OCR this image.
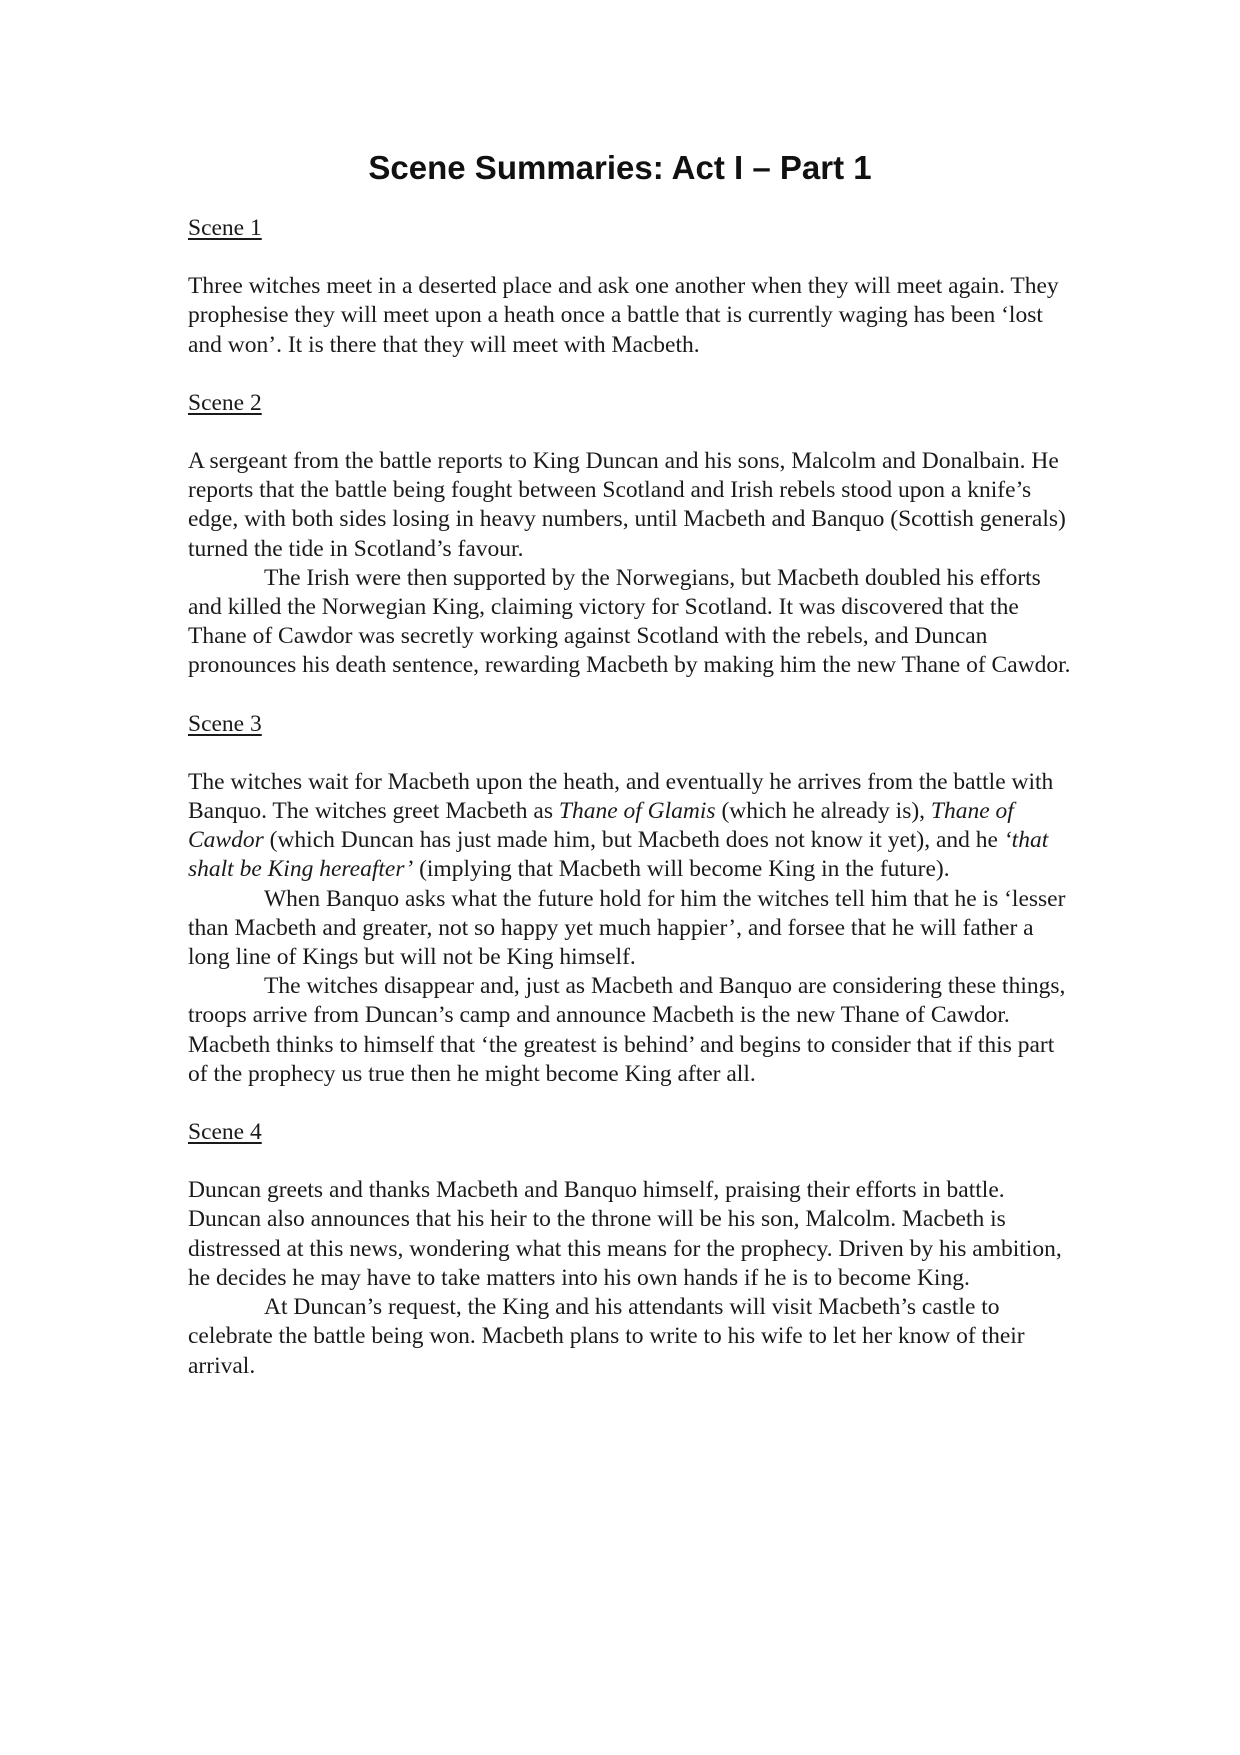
Scene Summaries: Act I – Part 1
Scene 1

Three witches meet in a deserted place and ask one another when they will meet again. They prophesise they will meet upon a heath once a battle that is currently waging has been ‘lost and won’. It is there that they will meet with Macbeth.

Scene 2

A sergeant from the battle reports to King Duncan and his sons, Malcolm and Donalbain. He reports that the battle being fought between Scotland and Irish rebels stood upon a knife’s edge, with both sides losing in heavy numbers, until Macbeth and Banquo (Scottish generals) turned the tide in Scotland’s favour.

The Irish were then supported by the Norwegians, but Macbeth doubled his efforts and killed the Norwegian King, claiming victory for Scotland. It was discovered that the Thane of Cawdor was secretly working against Scotland with the rebels, and Duncan pronounces his death sentence, rewarding Macbeth by making him the new Thane of Cawdor.

Scene 3

The witches wait for Macbeth upon the heath, and eventually he arrives from the battle with Banquo. The witches greet Macbeth as Thane of Glamis (which he already is), Thane of Cawdor (which Duncan has just made him, but Macbeth does not know it yet), and he ‘that shalt be King hereafter’ (implying that Macbeth will become King in the future).

When Banquo asks what the future hold for him the witches tell him that he is ‘lesser than Macbeth and greater, not so happy yet much happier’, and forsee that he will father a long line of Kings but will not be King himself.

The witches disappear and, just as Macbeth and Banquo are considering these things, troops arrive from Duncan’s camp and announce Macbeth is the new Thane of Cawdor. Macbeth thinks to himself that ‘the greatest is behind’ and begins to consider that if this part of the prophecy us true then he might become King after all.

Scene 4

Duncan greets and thanks Macbeth and Banquo himself, praising their efforts in battle. Duncan also announces that his heir to the throne will be his son, Malcolm. Macbeth is distressed at this news, wondering what this means for the prophecy. Driven by his ambition, he decides he may have to take matters into his own hands if he is to become King.

At Duncan’s request, the King and his attendants will visit Macbeth’s castle to celebrate the battle being won. Macbeth plans to write to his wife to let her know of their arrival.
